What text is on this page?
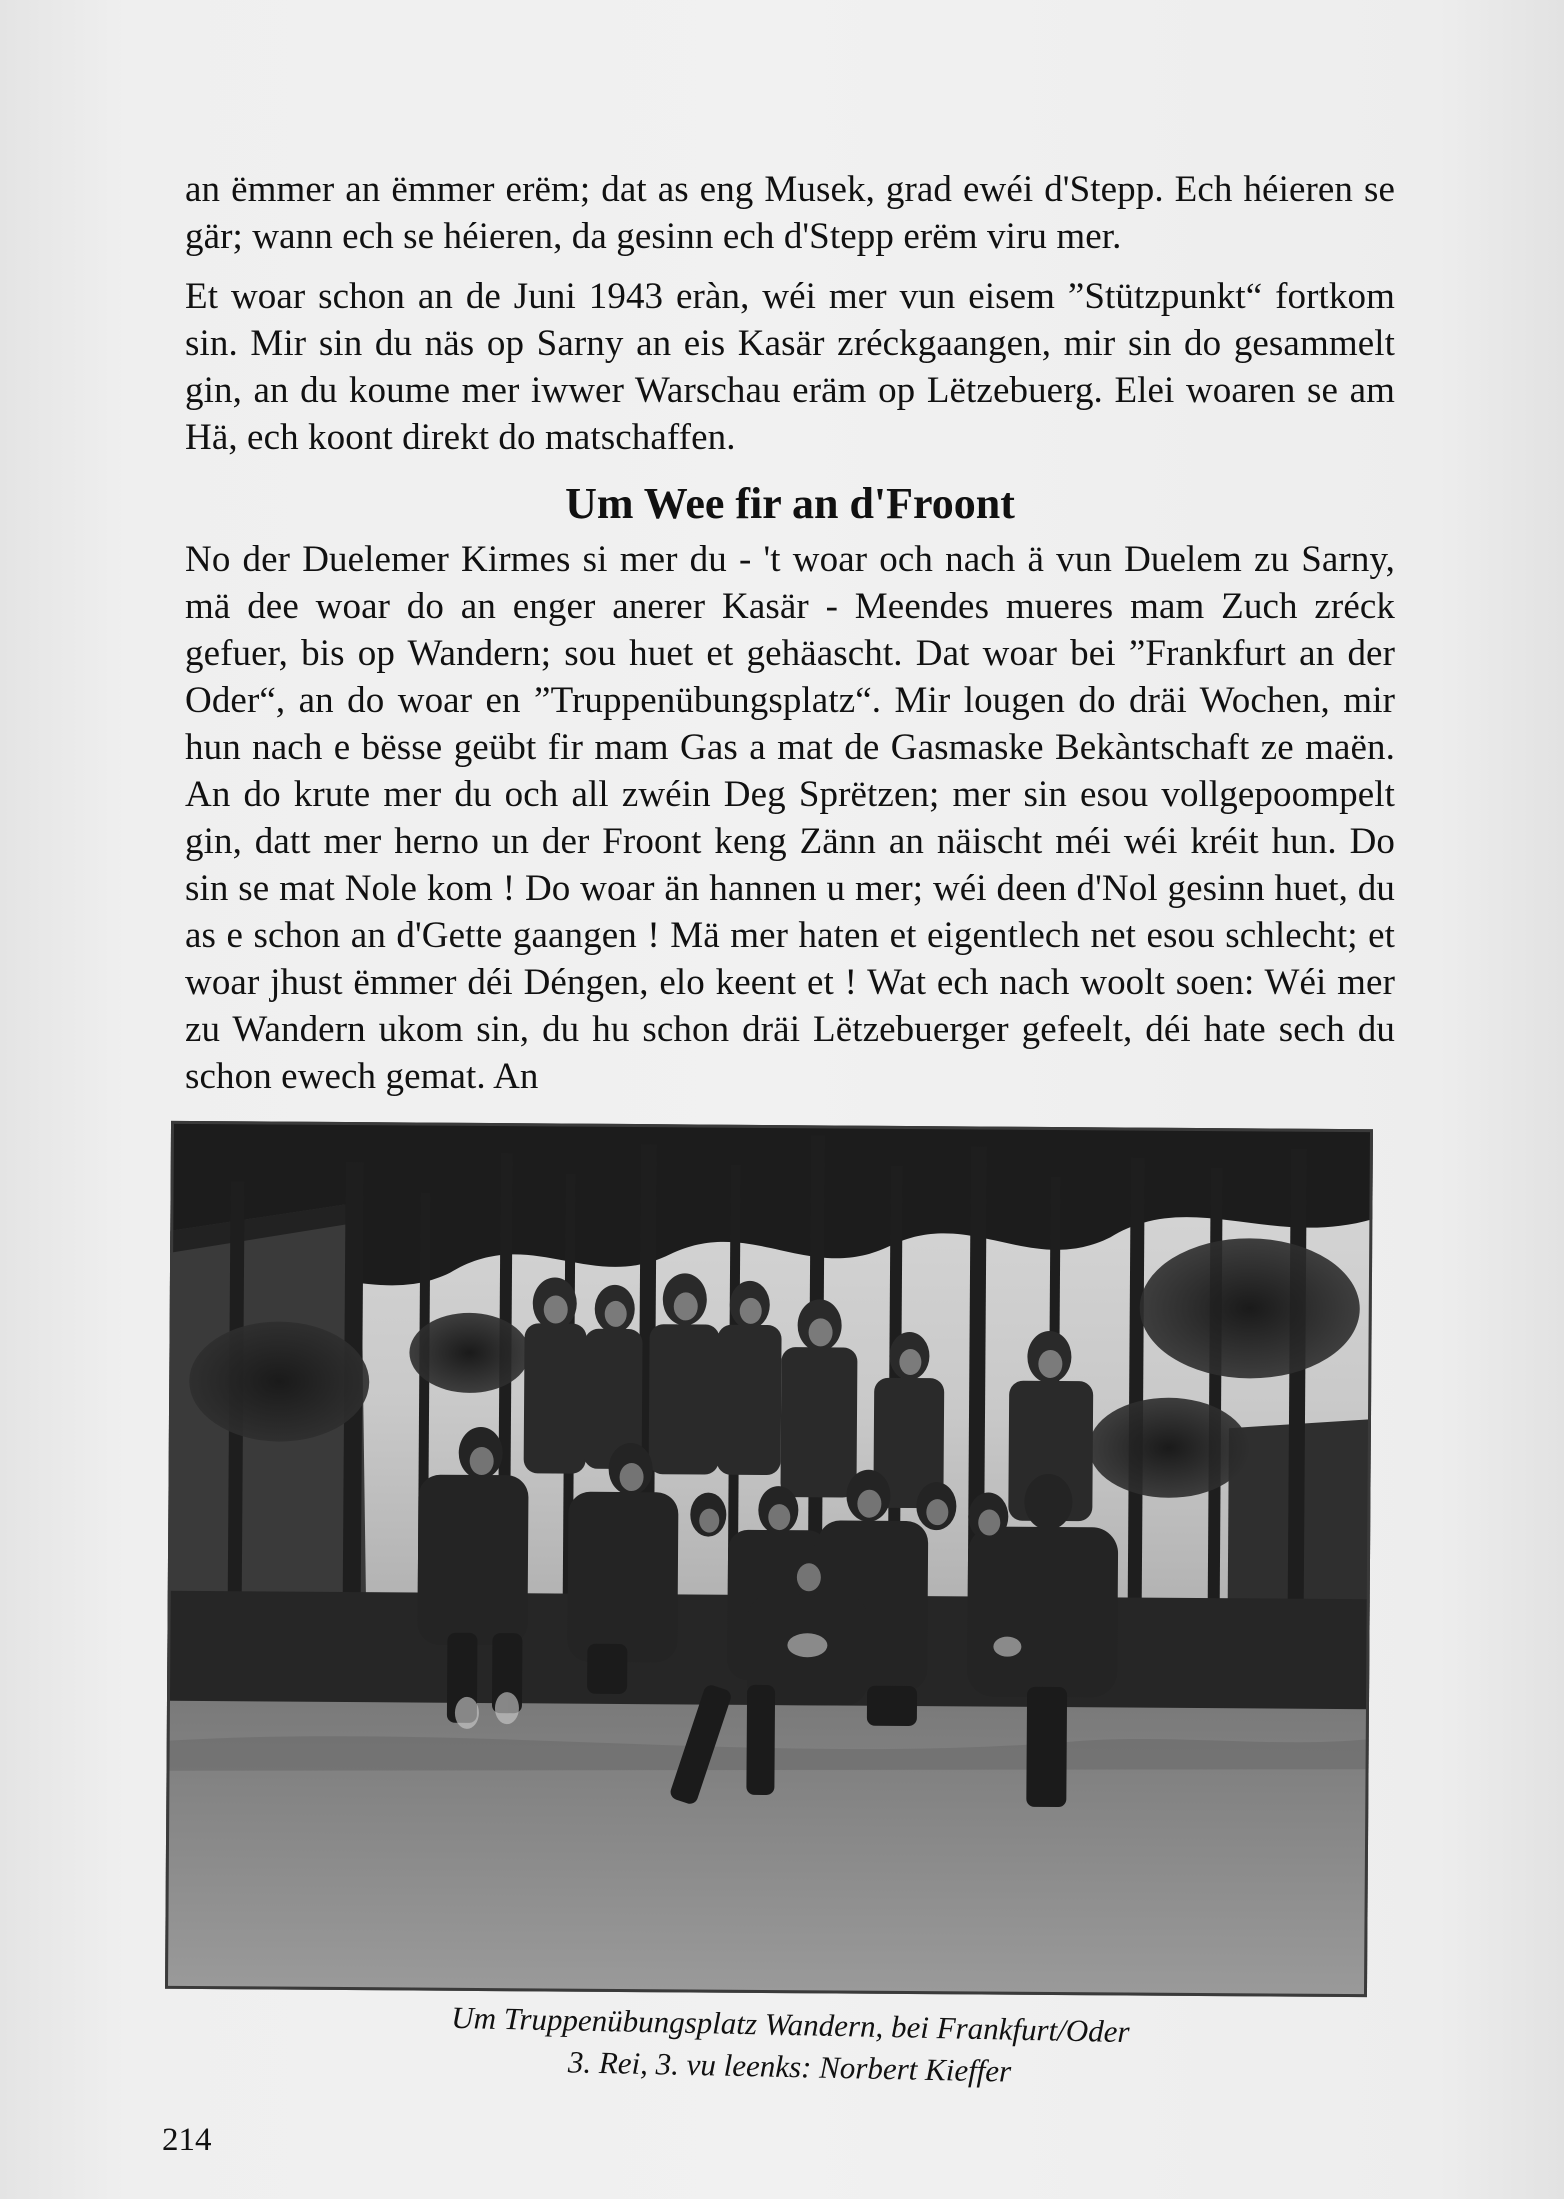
an ëmmer an ëmmer erëm; dat as eng Musek, grad ewéi d'Stepp. Ech héieren se gär; wann ech se héieren, da gesinn ech d'Stepp erëm viru mer.

Et woar schon an de Juni 1943 eràn, wéi mer vun eisem ”Stützpunkt“ fortkom sin. Mir sin du näs op Sarny an eis Kasär zréckgaangen, mir sin do gesammelt gin, an du koume mer iwwer Warschau eräm op Lëtzebuerg. Elei woaren se am Hä, ech koont direkt do matschaffen.

Um Wee fir an d'Froont

No der Duelemer Kirmes si mer du - 't woar och nach ä vun Duelem zu Sarny, mä dee woar do an enger anerer Kasär - Meendes mueres mam Zuch zréck gefuer, bis op Wandern; sou huet et gehäascht. Dat woar bei ”Frankfurt an der Oder“, an do woar en ”Truppenübungsplatz“. Mir lougen do dräi Wochen, mir hun nach e bësse geübt fir mam Gas a mat de Gasmaske Bekàntschaft ze maën. An do krute mer du och all zwéin Deg Sprëtzen; mer sin esou vollgepoompelt gin, datt mer herno un der Froont keng Zänn an näischt méi wéi kréit hun. Do sin se mat Nole kom ! Do woar än hannen u mer; wéi deen d'Nol gesinn huet, du as e schon an d'Gette gaangen ! Mä mer haten et eigentlech net esou schlecht; et woar jhust ëmmer déi Déngen, elo keent et ! Wat ech nach woolt soen: Wéi mer zu Wandern ukom sin, du hu schon dräi Lëtzebuerger gefeelt, déi hate sech du schon ewech gemat. An

Um Truppenübungsplatz Wandern, bei Frankfurt/Oder
3. Rei, 3. vu leenks: Norbert Kieffer
214
